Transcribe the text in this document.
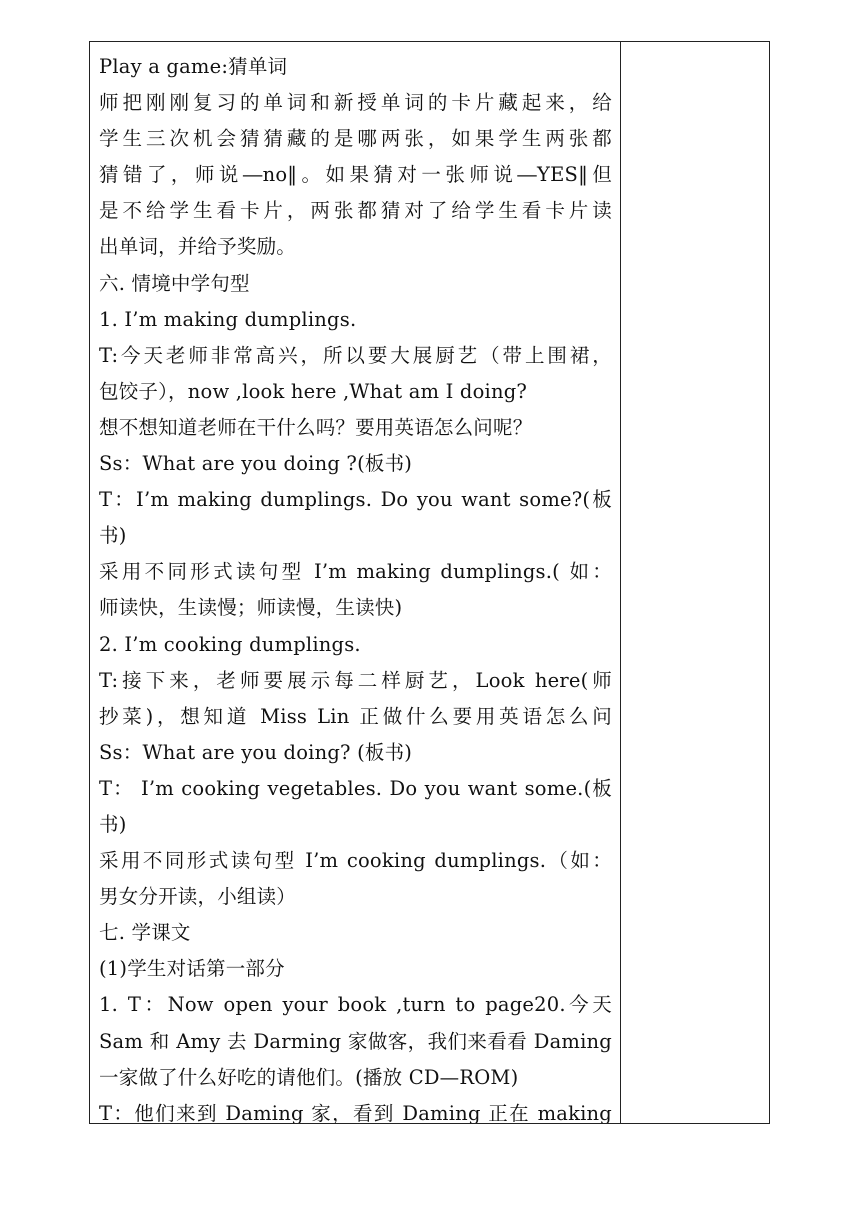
Play a game:猜单词
师把刚刚复习的单词和新授单词的卡片藏起来，给
学生三次机会猜猜藏的是哪两张，如果学生两张都
猜错了，师说―no‖。如果猜对一张师说―YES‖但
是不给学生看卡片，两张都猜对了给学生看卡片读
出单词，并给予奖励。
六. 情境中学句型
1. I’m making dumplings.
T:今天老师非常高兴，所以要大展厨艺（带上围裙，
包饺子），now ,look here ,What am I doing?
想不想知道老师在干什么吗？要用英语怎么问呢？
Ss：What are you doing ?(板书)
T：I’m making dumplings. Do you want some?(板
书)
采用不同形式读句型 I’m making dumplings.( 如：
师读快，生读慢；师读慢，生读快)
2. I’m cooking dumplings.
T:接下来，老师要展示每二样厨艺，Look here(师
抄菜)，想知道 Miss Lin 正做什么要用英语怎么问
Ss：What are you doing? (板书)
T： I’m cooking vegetables. Do you want some.(板
书)
采用不同形式读句型 I’m cooking dumplings.（如：
男女分开读，小组读）
七. 学课文
(1)学生对话第一部分
1. T：Now open your book ,turn to page20.今天
Sam 和 Amy 去 Darming 家做客，我们来看看 Daming
一家做了什么好吃的请他们。(播放 CD—ROM)
T：他们来到 Daming 家，看到 Daming 正在 making
